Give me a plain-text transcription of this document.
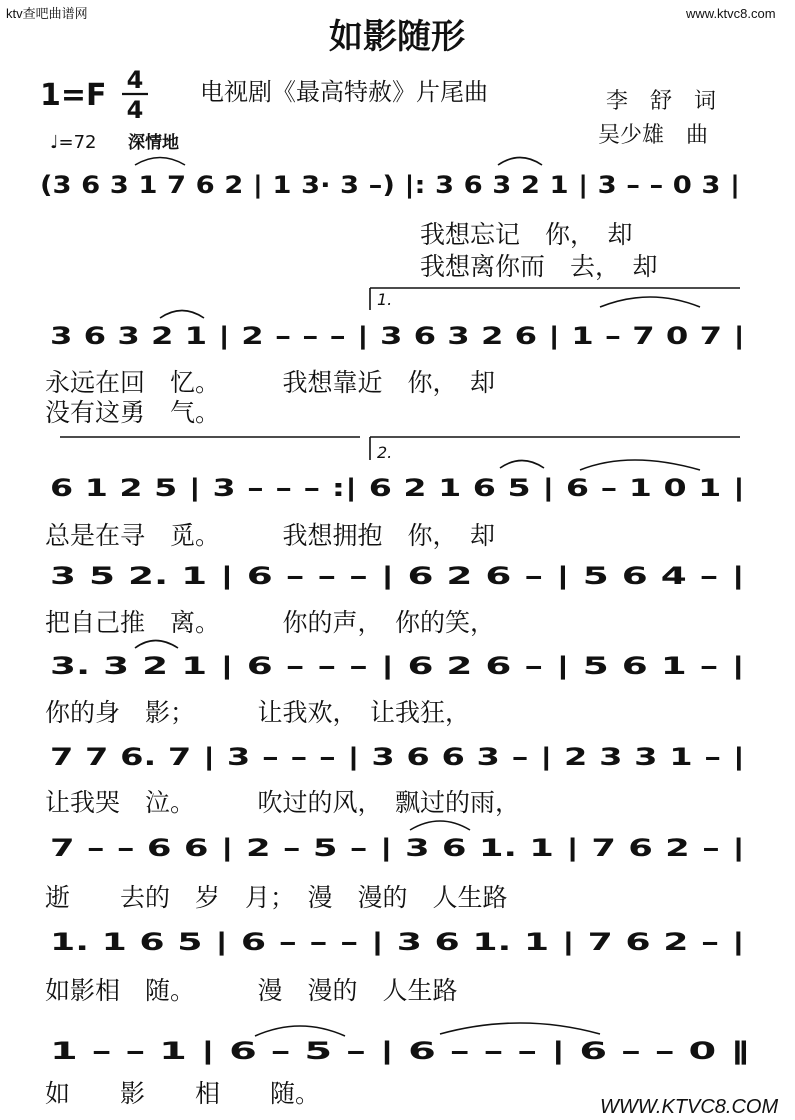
ktv查吧曲谱网	www.ktvc8.com
WWW.KTVC8.COM
如影随形
1=F 4
4
电视剧《最高特赦》片尾曲	李　舒　词
吴少雄　曲
♩=72 深情地
(3 6 3 1 7 6 2 | 1 3· 3 –) |: 3 6 3 2 1 | 3 – – 0 3 |
我想忘记　你，　却
我想离你而　去，　却
1.
3 6 3 2 1 | 2 – – – | 3 6 3 2 6 | 1 – 7 0 7 |
永远在回　忆。　　　我想靠近　你，　却
没有这勇　气。
2.
6 1 2 5 | 3 – – – :| 6 2 1 6 5 | 6 – 1 0 1 |
总是在寻　觅。　　　我想拥抱　你，　却
3 5 2. 1 | 6 – – – | 6 2 6 – | 5 6 4 – |
把自己推　离。　　　你的声，　你的笑，
3. 3 2 1 | 6 – – – | 6 2 6 – | 5 6 1 – |
你的身　影；　　　让我欢，　让我狂，
7 7 6. 7 | 3 – – – | 3 6 6 3 – | 2 3 3 1 – |
让我哭　泣。　　　吹过的风，　飘过的雨，
7 – – 6 6 | 2 – 5 – | 3 6 1. 1 | 7 6 2 – |
逝　　去的　岁　月；　漫　漫的　人生路
1. 1 6 5 | 6 – – – | 3 6 1. 1 | 7 6 2 – |
如影相　随。　　　漫　漫的　人生路
1 – – 1 | 6 – 5 – | 6 – – – | 6 – – 0 ‖
如　　影　　相　　随。
